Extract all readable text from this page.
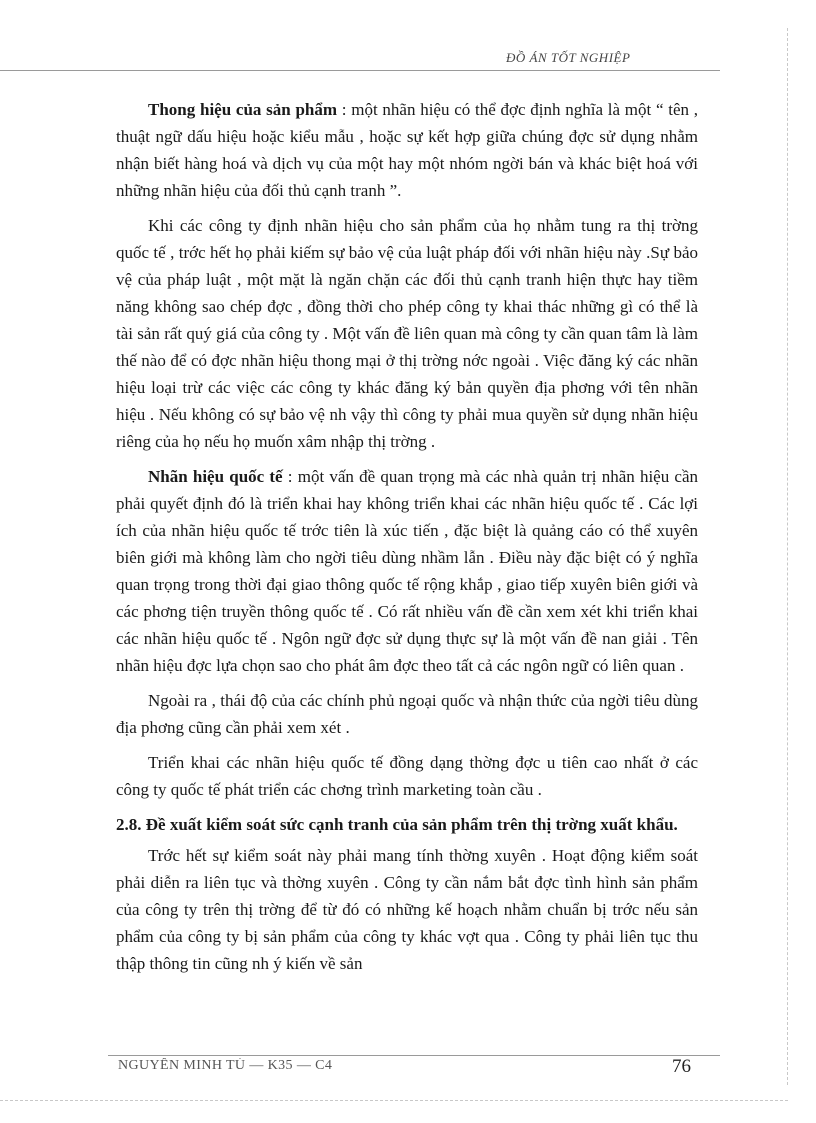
ĐỒ ÁN TỐT NGHIỆP

Thong hiệu của sản phẩm : một nhãn hiệu có thể đợc định nghĩa là một “ tên , thuật ngữ dấu hiệu hoặc kiểu mẫu , hoặc sự kết hợp giữa chúng đợc sử dụng nhằm nhận biết hàng hoá và dịch vụ của một hay một nhóm ngời bán và khác biệt hoá với những nhãn hiệu của đối thủ cạnh tranh ”.

Khi các công ty định nhãn hiệu cho sản phẩm của họ nhằm tung ra thị trờng quốc tế , trớc hết họ phải kiếm sự bảo vệ của luật pháp đối với nhãn hiệu này .Sự bảo vệ của pháp luật , một mặt là ngăn chặn các đối thủ cạnh tranh hiện thực hay tiềm năng không sao chép đợc , đồng thời cho phép công ty khai thác những gì có thể là tài sản rất quý giá của công ty . Một vấn đề liên quan mà công ty cần quan tâm là làm thế nào để có đợc nhãn hiệu thong mại ở thị trờng nớc ngoài . Việc đăng ký các nhãn hiệu loại trừ các việc các công ty khác đăng ký bản quyền địa phơng với tên nhãn hiệu . Nếu không có sự bảo vệ nh vậy thì công ty phải mua quyền sử dụng nhãn hiệu riêng của họ nếu họ muốn xâm nhập thị trờng .

Nhãn hiệu quốc tế : một vấn đề quan trọng mà các nhà quản trị nhãn hiệu cần phải quyết định đó là triển khai hay không triển khai các nhãn hiệu quốc tế . Các lợi ích của nhãn hiệu quốc tế trớc tiên là xúc tiến , đặc biệt là quảng cáo có thể xuyên biên giới mà không làm cho ngời tiêu dùng nhầm lẫn . Điều này đặc biệt có ý nghĩa quan trọng trong thời đại giao thông quốc tế rộng khắp , giao tiếp xuyên biên giới và các phơng tiện truyền thông quốc tế . Có rất nhiều vấn đề cần xem xét khi triển khai các nhãn hiệu quốc tế . Ngôn ngữ đợc sử dụng thực sự là một vấn đề nan giải . Tên nhãn hiệu đợc lựa chọn sao cho phát âm đợc theo tất cả các ngôn ngữ có liên quan .

Ngoài ra , thái độ của các chính phủ ngoại quốc và nhận thức của ngời tiêu dùng địa phơng cũng cần phải xem xét .

Triển khai các nhãn hiệu quốc tế đồng dạng thờng đợc u tiên cao nhất ở các công ty quốc tế phát triển các chơng trình marketing toàn cầu .

2.8. Đề xuất kiểm soát sức cạnh tranh của sản phẩm trên thị trờng xuất khẩu.

Trớc hết sự kiểm soát này phải mang tính thờng xuyên . Hoạt động kiểm soát phải diễn ra liên tục và thờng xuyên . Công ty cần nắm bắt đợc tình hình sản phẩm của công ty trên thị trờng để từ đó có những kế hoạch nhằm chuẩn bị trớc nếu sản phẩm của công ty bị sản phẩm của công ty khác vợt qua . Công ty phải liên tục thu thập thông tin cũng nh ý kiến về sản

NGUYỄN MINH TÚ — K35 — C4	76
